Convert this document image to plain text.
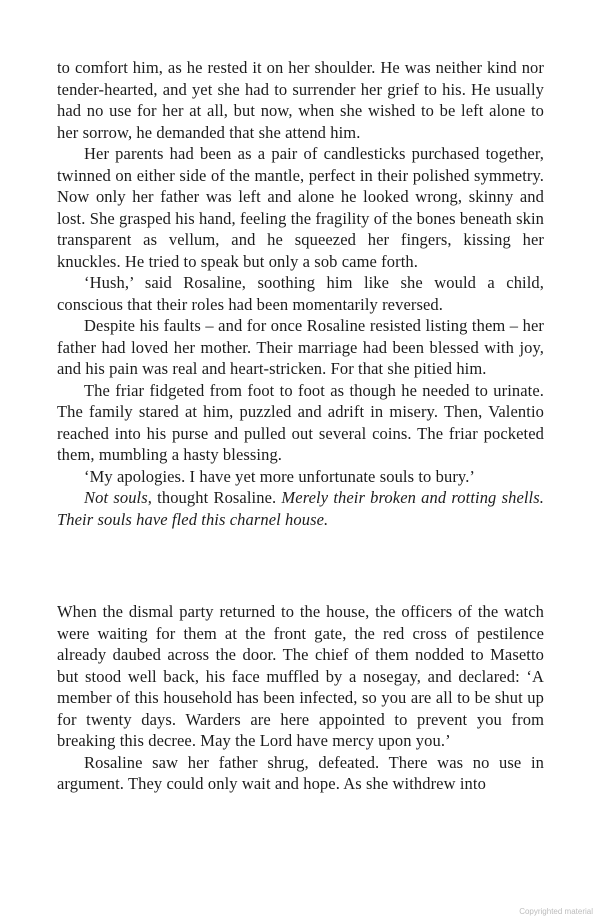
to comfort him, as he rested it on her shoulder. He was neither kind nor tender-hearted, and yet she had to surrender her grief to his. He usually had no use for her at all, but now, when she wished to be left alone to her sorrow, he demanded that she attend him.

Her parents had been as a pair of candlesticks purchased together, twinned on either side of the mantle, perfect in their polished symmetry. Now only her father was left and alone he looked wrong, skinny and lost. She grasped his hand, feeling the fragility of the bones beneath skin transparent as vellum, and he squeezed her fingers, kissing her knuckles. He tried to speak but only a sob came forth.

‘Hush,’ said Rosaline, soothing him like she would a child, conscious that their roles had been momentarily reversed.

Despite his faults – and for once Rosaline resisted listing them – her father had loved her mother. Their marriage had been blessed with joy, and his pain was real and heart-stricken. For that she pitied him.

The friar fidgeted from foot to foot as though he needed to urinate. The family stared at him, puzzled and adrift in misery. Then, Valentio reached into his purse and pulled out several coins. The friar pocketed them, mumbling a hasty blessing.

‘My apologies. I have yet more unfortunate souls to bury.’

Not souls, thought Rosaline. Merely their broken and rotting shells. Their souls have fled this charnel house.

When the dismal party returned to the house, the officers of the watch were waiting for them at the front gate, the red cross of pestilence already daubed across the door. The chief of them nodded to Masetto but stood well back, his face muffled by a nosegay, and declared: ‘A member of this household has been infected, so you are all to be shut up for twenty days. Warders are here appointed to prevent you from breaking this decree. May the Lord have mercy upon you.’

Rosaline saw her father shrug, defeated. There was no use in argument. They could only wait and hope. As she withdrew into

Copyrighted material
